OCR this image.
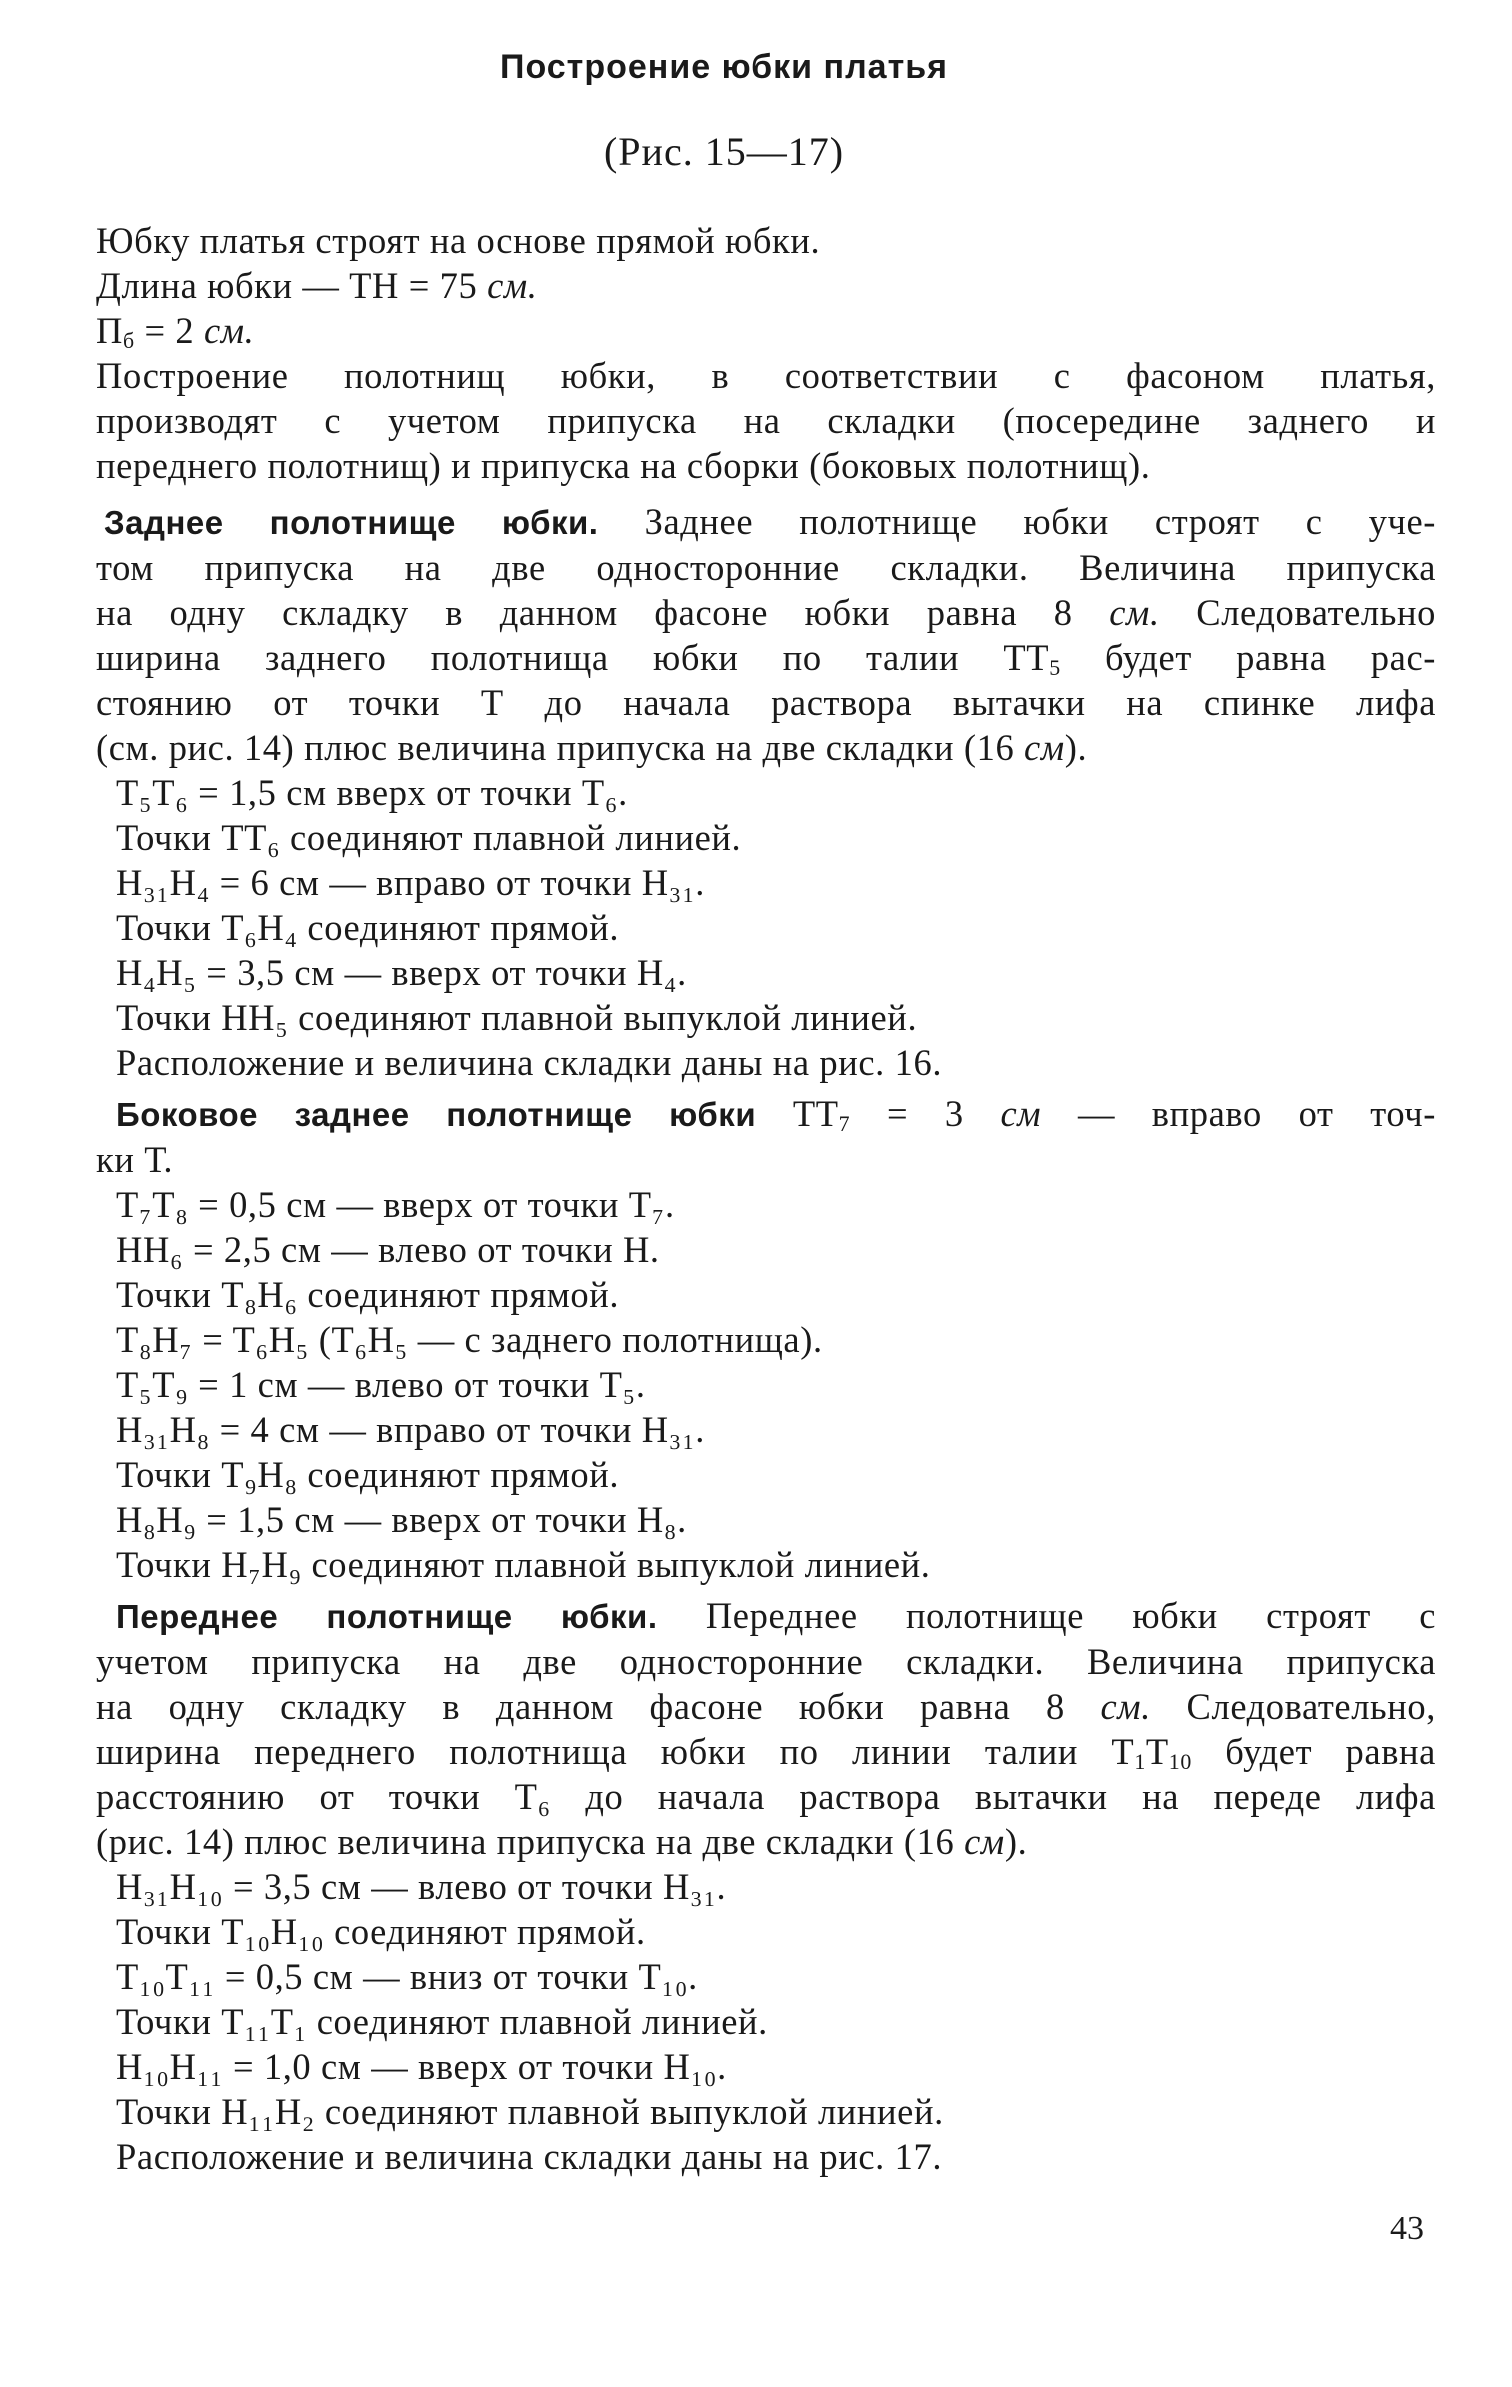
Построение юбки платья
(Рис. 15—17)
Юбку платья строят на основе прямой юбки.
Длина юбки — ТН = 75 см.
$П_б = 2$ см.
Построение полотнищ юбки, в соответствии с фасоном платья,
производят с учетом припуска на складки (посередине заднего и
переднего полотнищ) и припуска на сборки (боковых полотнищ).
Заднее полотнище юбки. Заднее полотнище юбки строят с уче-
том припуска на две односторонние складки. Величина припуска
на одну складку в данном фасоне юбки равна 8 см. Следовательно
ширина заднего полотнища юбки по талии $ТТ_5$ будет равна рас-
стоянию от точки Т до начала раствора вытачки на спинке лифа
(см. рис. 14) плюс величина припуска на две складки (16 см).
T₅T₆ = 1,5 см вверх от точки Т₆.
Точки ТТ₆ соединяют плавной линией.
Н₃₁Н₄ = 6 см — вправо от точки Н₃₁.
Точки Т₆Н₄ соединяют прямой.
Н₄Н₅ = 3,5 см — вверх от точки Н₄.
Точки НН₅ соединяют плавной выпуклой линией.
Расположение и величина складки даны на рис. 16.
Боковое заднее полотнище юбки $ТТ_7 = 3$ см — вправо от точ-
ки Т.
T₇T₈ = 0,5 см — вверх от точки Т₇.
НН₆ = 2,5 см — влево от точки Н.
Точки Т₈Н₆ соединяют прямой.
T₈H₇ = T₆H₅ (T₆H₅ — с заднего полотнища).
T₅T₉ = 1 см — влево от точки Т₅.
Н₃₁Н₈ = 4 см — вправо от точки Н₃₁.
Точки Т₉Н₈ соединяют прямой.
Н₈Н₉ = 1,5 см — вверх от точки Н₈.
Точки Н₇Н₉ соединяют плавной выпуклой линией.
Переднее полотнище юбки. Переднее полотнище юбки строят с
учетом припуска на две односторонние складки. Величина припуска
на одну складку в данном фасоне юбки равна 8 см. Следовательно,
ширина переднего полотнища юбки по линии талии $Т_1Т_{10}$ будет равна
расстоянию от точки Т₆ до начала раствора вытачки на переде лифа
(рис. 14) плюс величина припуска на две складки (16 см).
Н₃₁Н₁₀ = 3,5 см — влево от точки Н₃₁.
Точки Т₁₀Н₁₀ соединяют прямой.
T₁₀T₁₁ = 0,5 см — вниз от точки Т₁₀.
Точки Т₁₁Т₁ соединяют плавной линией.
Н₁₀Н₁₁ = 1,0 см — вверх от точки Н₁₀.
Точки Н₁₁Н₂ соединяют плавной выпуклой линией.
Расположение и величина складки даны на рис. 17.
43
